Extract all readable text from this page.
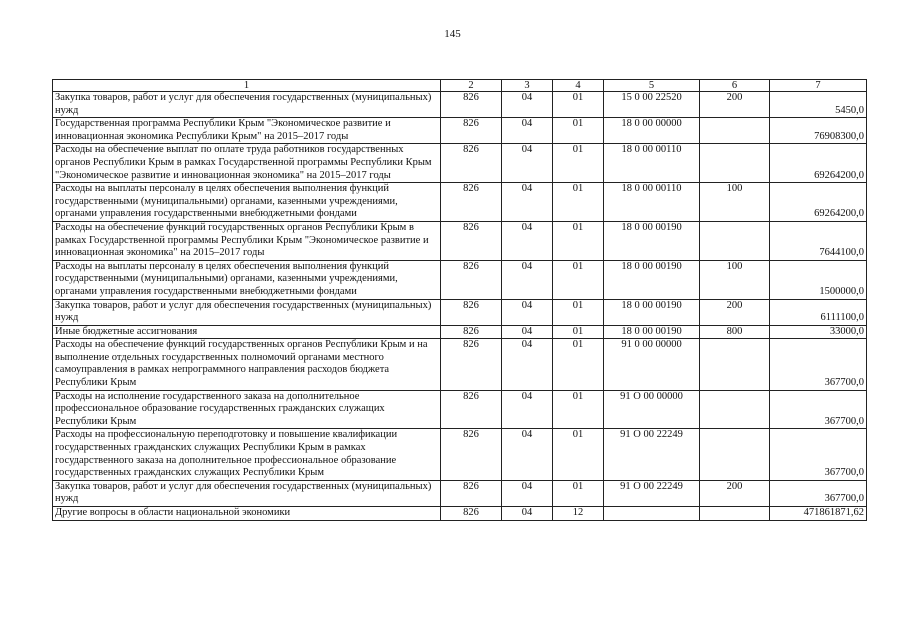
145
1	2	3	4	5	6	7
Закупка товаров, работ и услуг для обеспечения государственных (муниципальных) нужд	826	04	01	15 0 00 22520	200	5450,0
Государственная программа Республики Крым "Экономическое развитие и инновационная экономика Республики Крым" на 2015–2017 годы	826	04	01	18 0 00 00000		76908300,0
Расходы на обеспечение выплат по оплате труда работников государственных органов Республики Крым в рамках Государственной программы Республики Крым "Экономическое развитие и инновационная экономика" на 2015–2017 годы	826	04	01	18 0 00 00110		69264200,0
Расходы на выплаты персоналу в целях обеспечения выполнения функций государственными (муниципальными) органами, казенными учреждениями, органами управления государственными внебюджетными фондами	826	04	01	18 0 00 00110	100	69264200,0
Расходы на обеспечение функций государственных органов Республики Крым в рамках Государственной программы Республики Крым "Экономическое развитие и инновационная экономика" на 2015–2017 годы	826	04	01	18 0 00 00190		7644100,0
Расходы на выплаты персоналу в целях обеспечения выполнения функций государственными (муниципальными) органами, казенными учреждениями, органами управления государственными внебюджетными фондами	826	04	01	18 0 00 00190	100	1500000,0
Закупка товаров, работ и услуг для обеспечения государственных (муниципальных) нужд	826	04	01	18 0 00 00190	200	6111100,0
Иные бюджетные ассигнования	826	04	01	18 0 00 00190	800	33000,0
Расходы на обеспечение функций государственных органов Республики Крым и на выполнение отдельных государственных полномочий органами местного самоуправления в рамках непрограммного направления расходов бюджета Республики Крым	826	04	01	91 0 00 00000		367700,0
Расходы на исполнение государственного заказа на дополнительное профессиональное образование государственных гражданских служащих Республики Крым	826	04	01	91 О 00 00000		367700,0
Расходы на профессиональную переподготовку и повышение квалификации государственных гражданских служащих Республики Крым в рамках государственного заказа на дополнительное профессиональное образование государственных гражданских служащих Республики Крым	826	04	01	91 О 00 22249		367700,0
Закупка товаров, работ и услуг для обеспечения государственных (муниципальных) нужд	826	04	01	91 О 00 22249	200	367700,0
Другие вопросы в области национальной экономики	826	04	12			471861871,62
